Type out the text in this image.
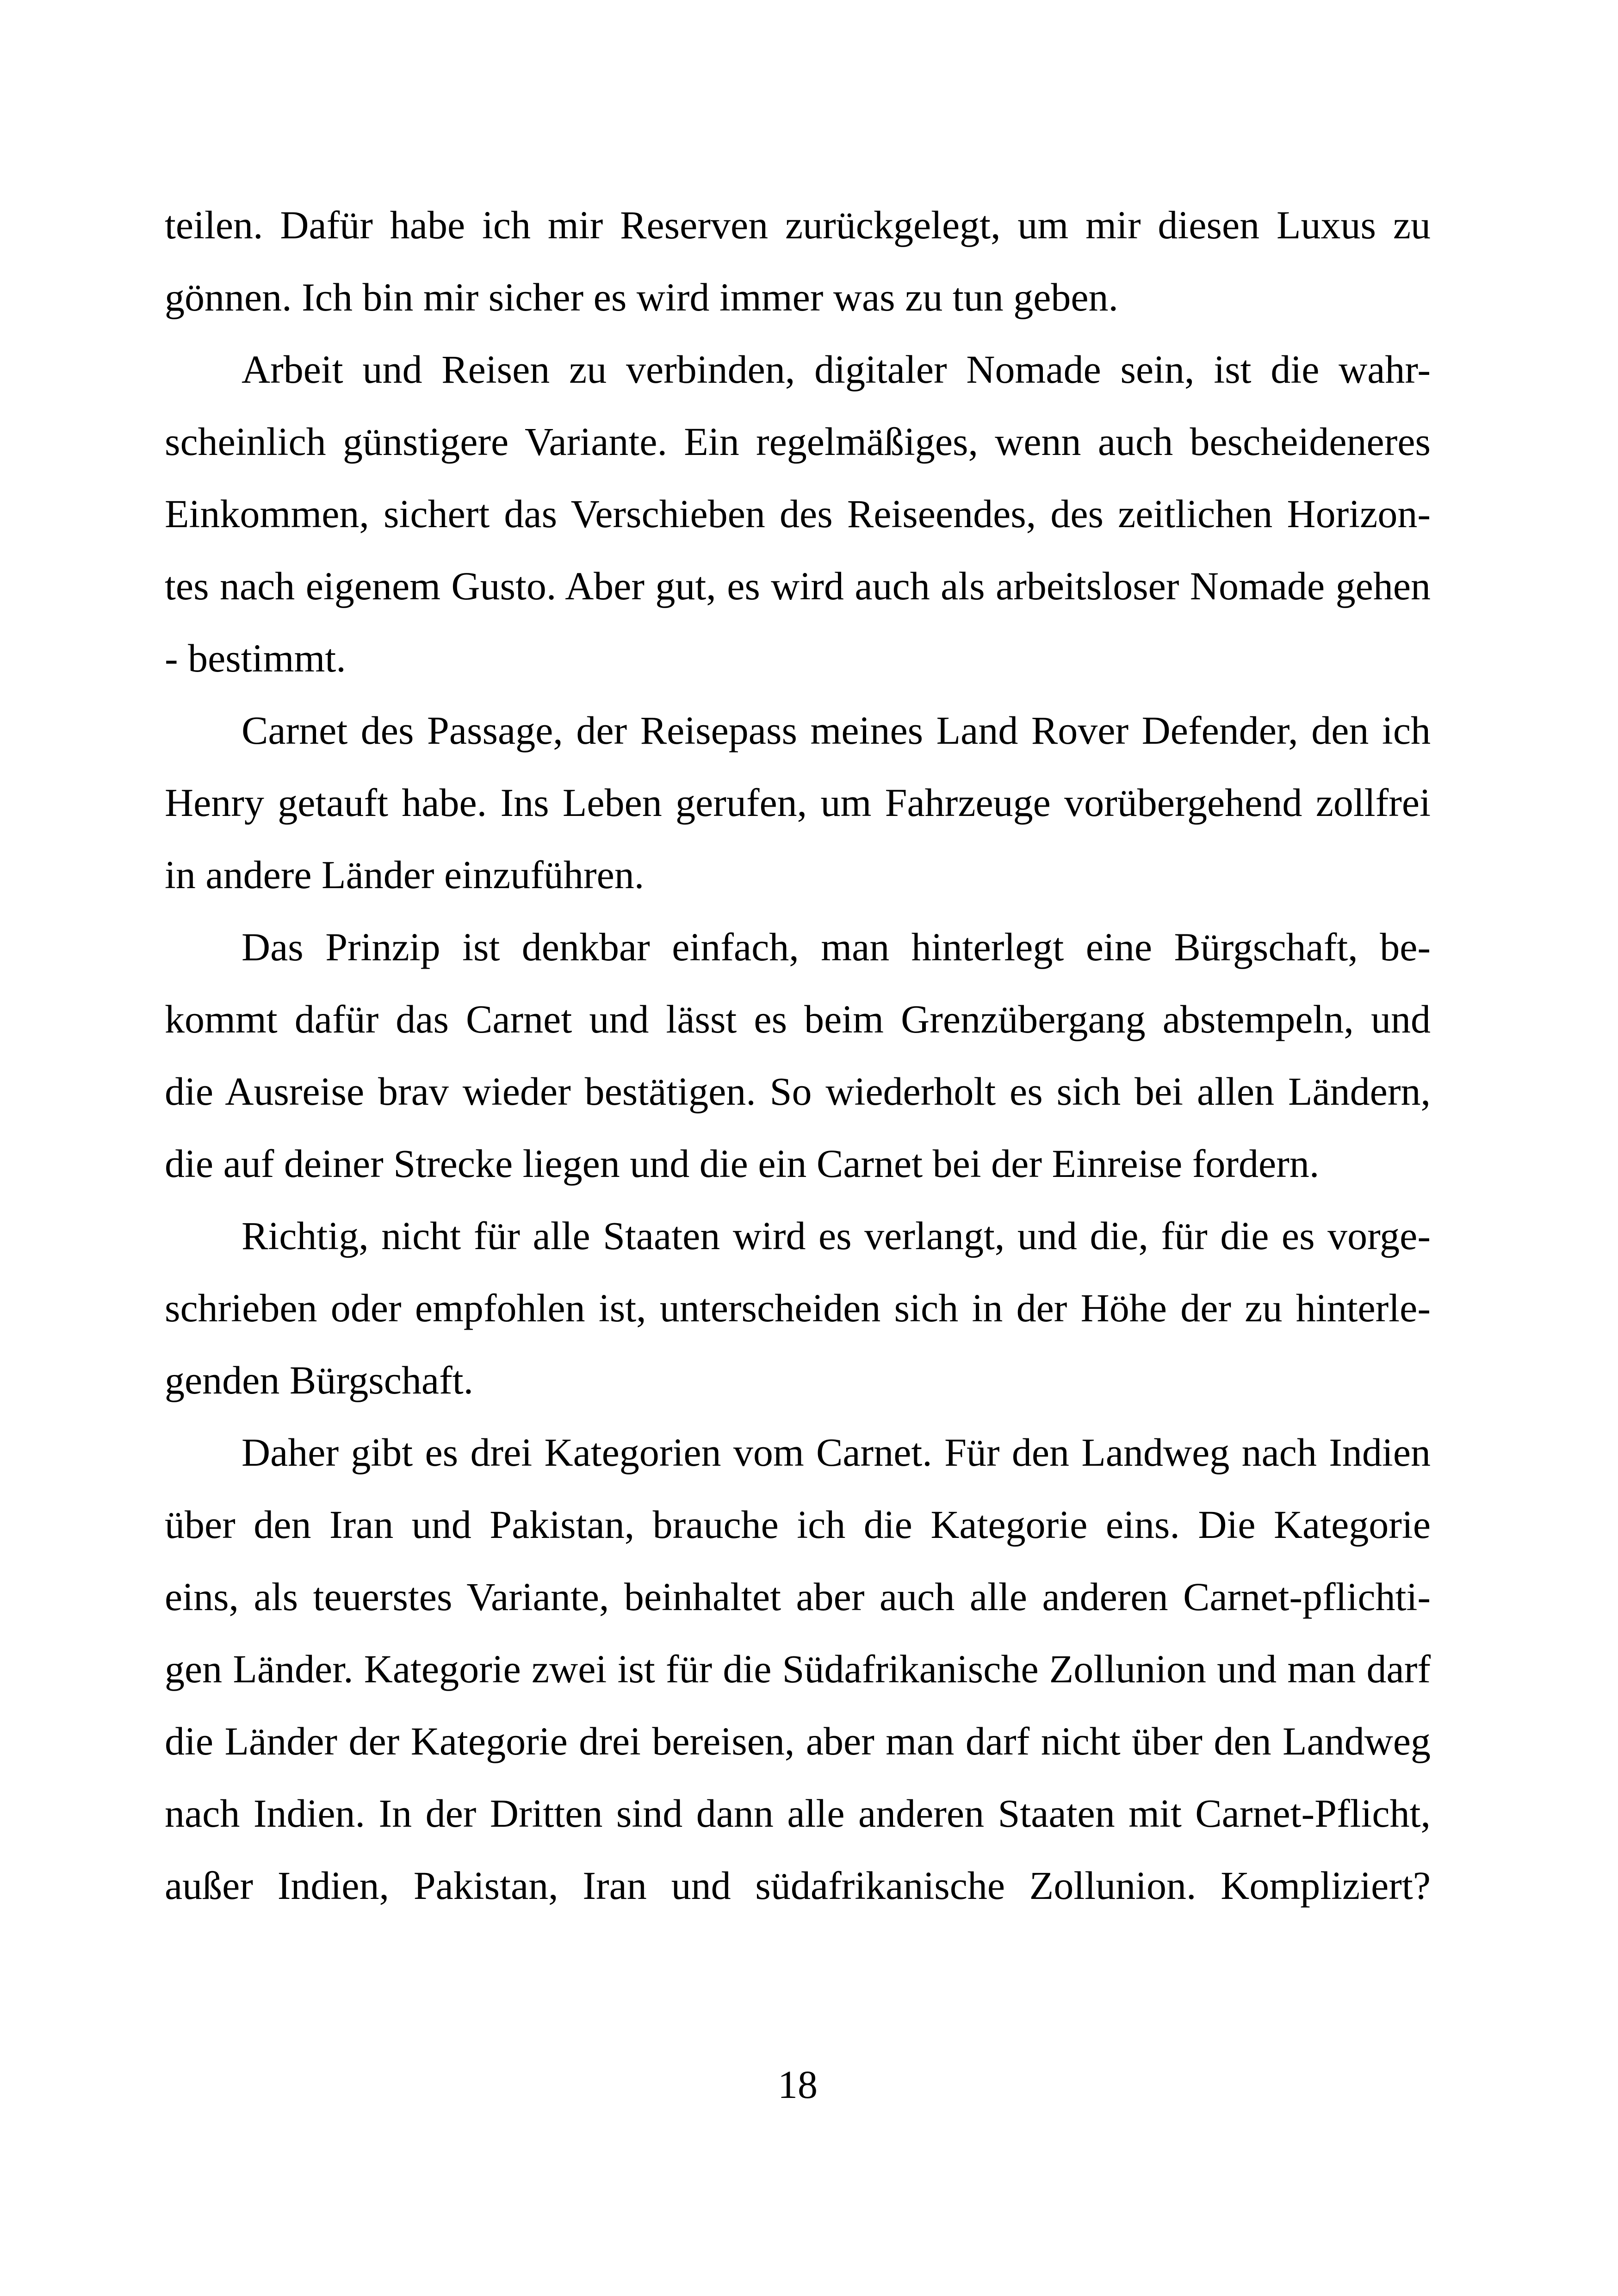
teilen. Dafür habe ich mir Reserven zurückgelegt, um mir diesen Luxus zu
gönnen. Ich bin mir sicher es wird immer was zu tun geben.
Arbeit und Reisen zu verbinden, digitaler Nomade sein, ist die wahr-
scheinlich günstigere Variante. Ein regelmäßiges, wenn auch bescheideneres
Einkommen, sichert das Verschieben des Reiseendes, des zeitlichen Horizon-
tes nach eigenem Gusto. Aber gut, es wird auch als arbeitsloser Nomade gehen
- bestimmt.
Carnet des Passage, der Reisepass meines Land Rover Defender, den ich
Henry getauft habe. Ins Leben gerufen, um Fahrzeuge vorübergehend zollfrei
in andere Länder einzuführen.
Das Prinzip ist denkbar einfach, man hinterlegt eine Bürgschaft, be-
kommt dafür das Carnet und lässt es beim Grenzübergang abstempeln, und
die Ausreise brav wieder bestätigen. So wiederholt es sich bei allen Ländern,
die auf deiner Strecke liegen und die ein Carnet bei der Einreise fordern.
Richtig, nicht für alle Staaten wird es verlangt, und die, für die es vorge-
schrieben oder empfohlen ist, unterscheiden sich in der Höhe der zu hinterle-
genden Bürgschaft.
Daher gibt es drei Kategorien vom Carnet. Für den Landweg nach Indien
über den Iran und Pakistan, brauche ich die Kategorie eins. Die Kategorie
eins, als teuerstes Variante, beinhaltet aber auch alle anderen Carnet-pflichti-
gen Länder. Kategorie zwei ist für die Südafrikanische Zollunion und man darf
die Länder der Kategorie drei bereisen, aber man darf nicht über den Landweg
nach Indien. In der Dritten sind dann alle anderen Staaten mit Carnet-Pflicht,
außer Indien, Pakistan, Iran und südafrikanische Zollunion. Kompliziert?
18
